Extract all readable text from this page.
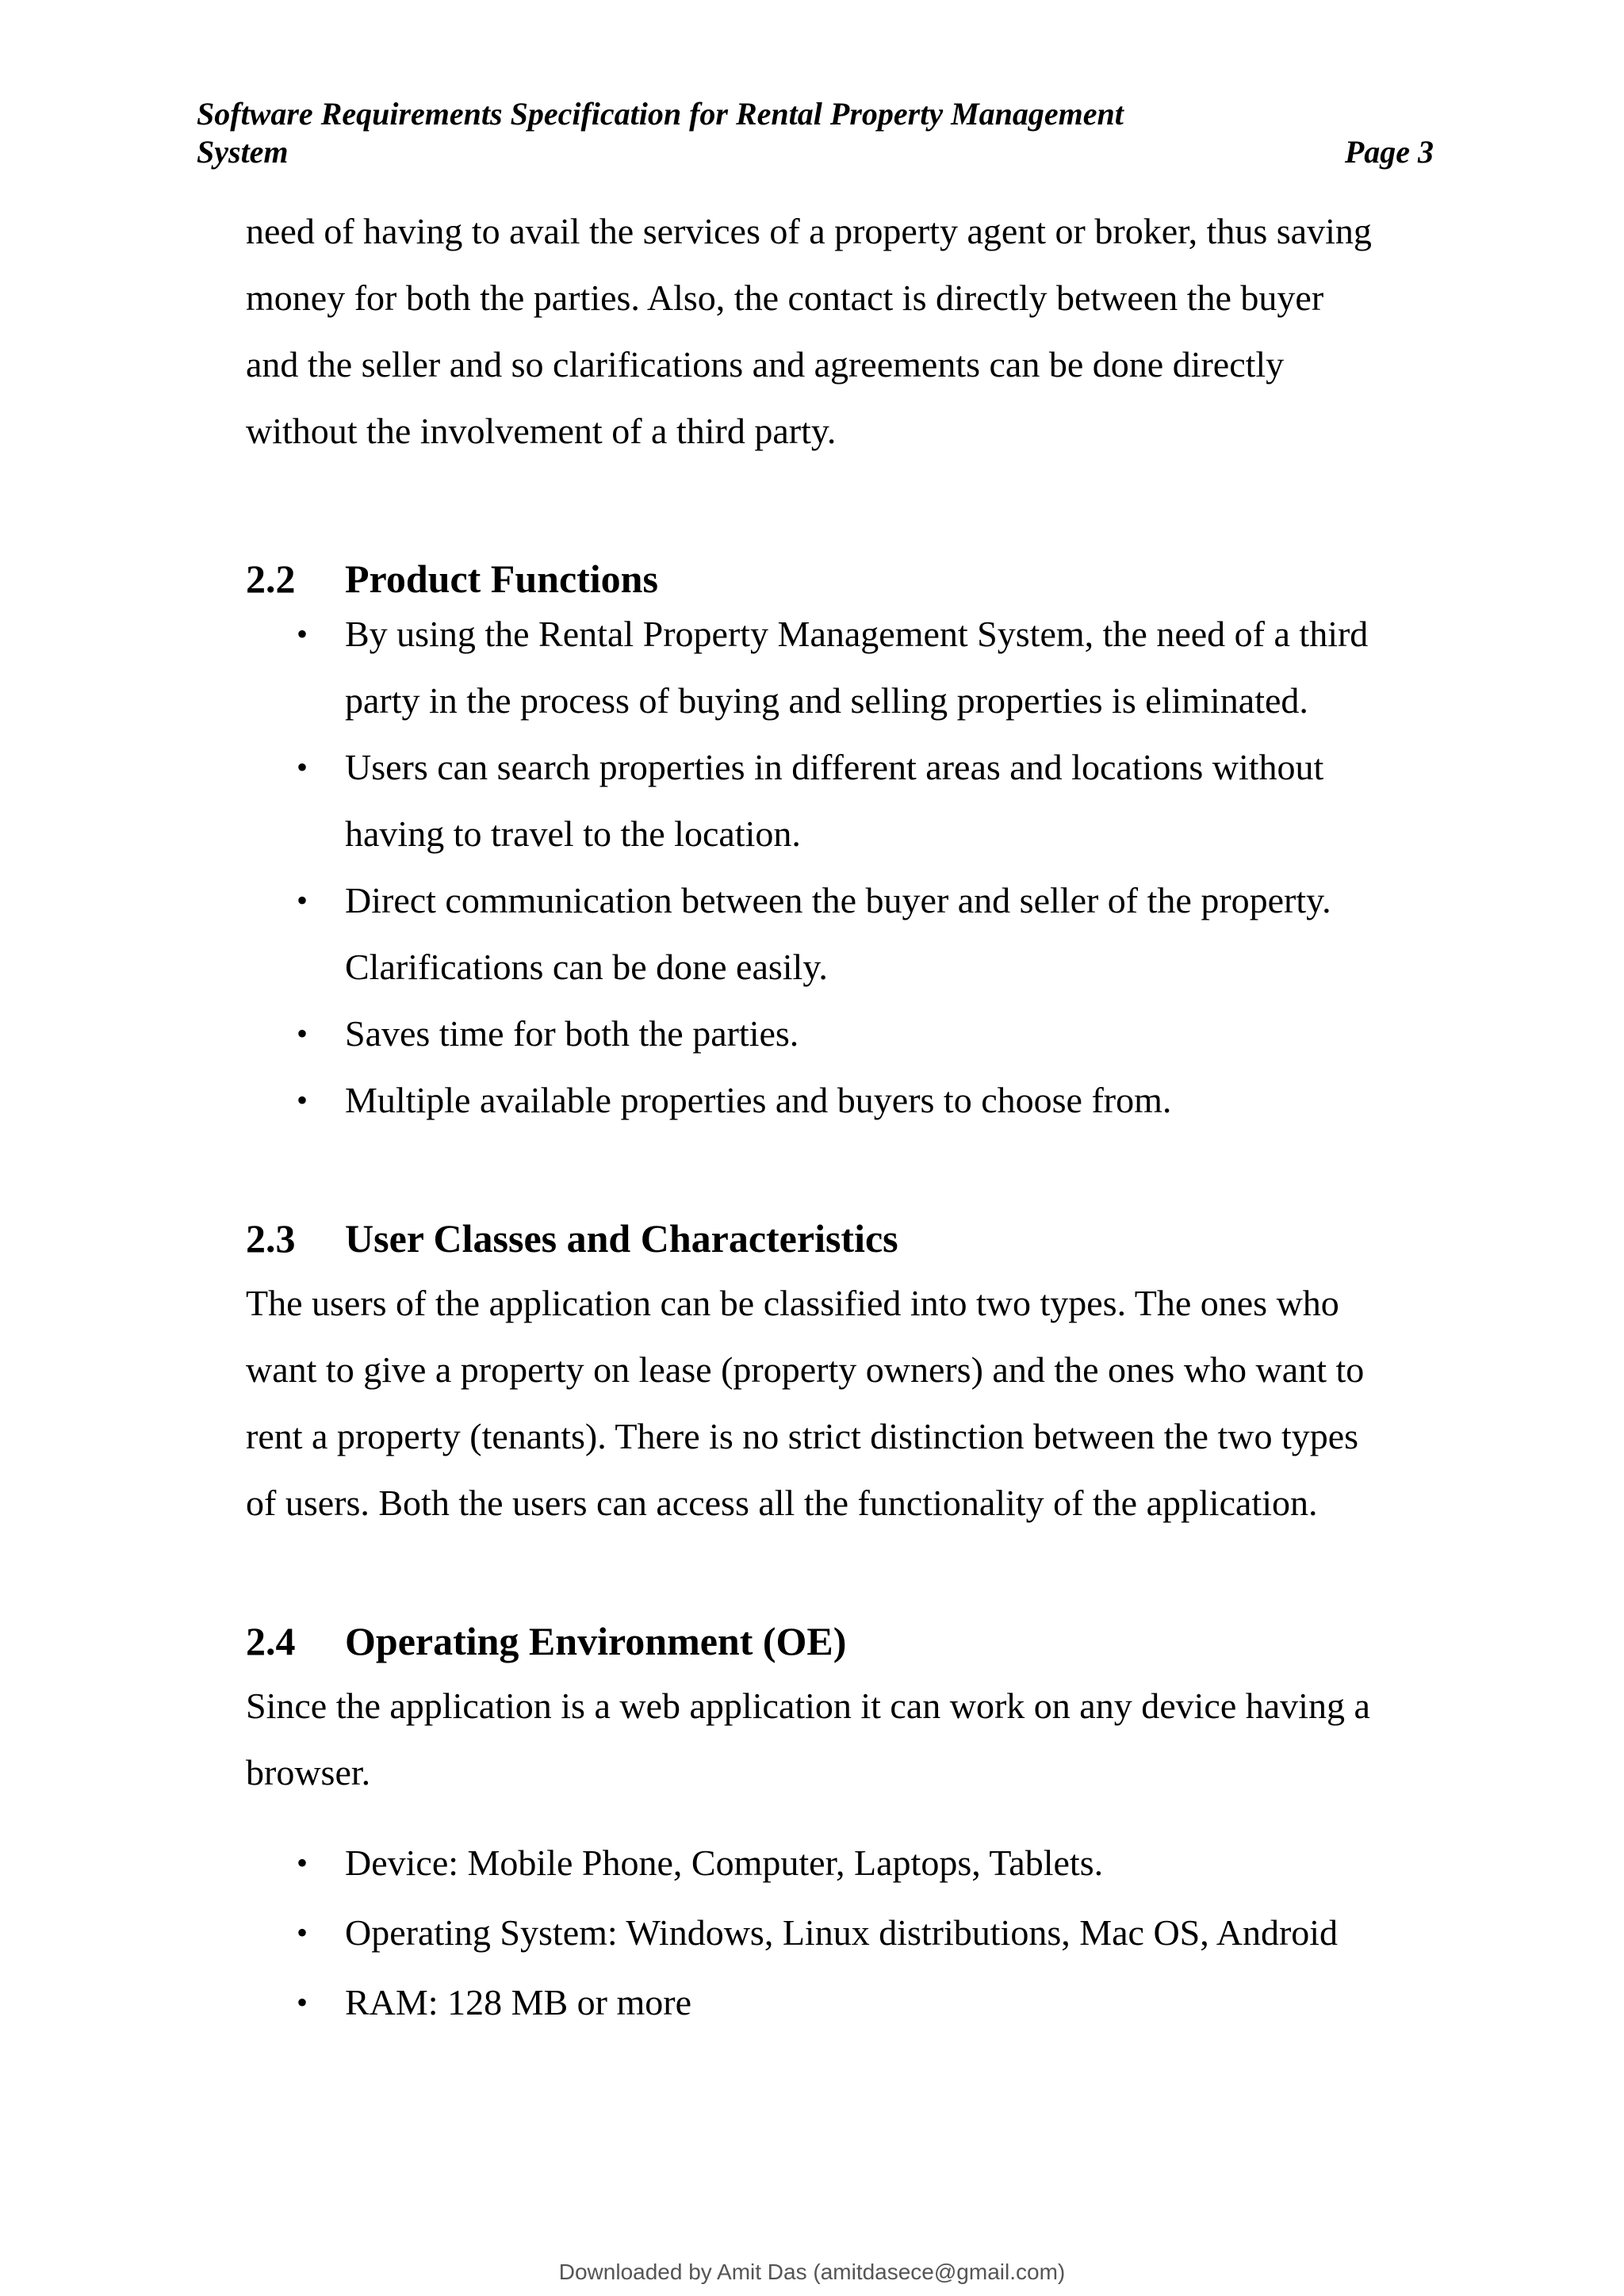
Software Requirements Specification for Rental Property Management
System	Page 3
need of having to avail the services of a property agent or broker, thus saving
money for both the parties. Also, the contact is directly between the buyer
and the seller and so clarifications and agreements can be done directly
without the involvement of a third party.
2.2	Product Functions
• By using the Rental Property Management System, the need of a third
party in the process of buying and selling properties is eliminated.
• Users can search properties in different areas and locations without
having to travel to the location.
• Direct communication between the buyer and seller of the property.
Clarifications can be done easily.
• Saves time for both the parties.
• Multiple available properties and buyers to choose from.
2.3	User Classes and Characteristics
The users of the application can be classified into two types. The ones who
want to give a property on lease (property owners) and the ones who want to
rent a property (tenants). There is no strict distinction between the two types
of users. Both the users can access all the functionality of the application.
2.4	Operating Environment (OE)
Since the application is a web application it can work on any device having a
browser.
• Device: Mobile Phone, Computer, Laptops, Tablets.
• Operating System: Windows, Linux distributions, Mac OS, Android
• RAM: 128 MB or more
Downloaded by Amit Das (amitdasece@gmail.com)
